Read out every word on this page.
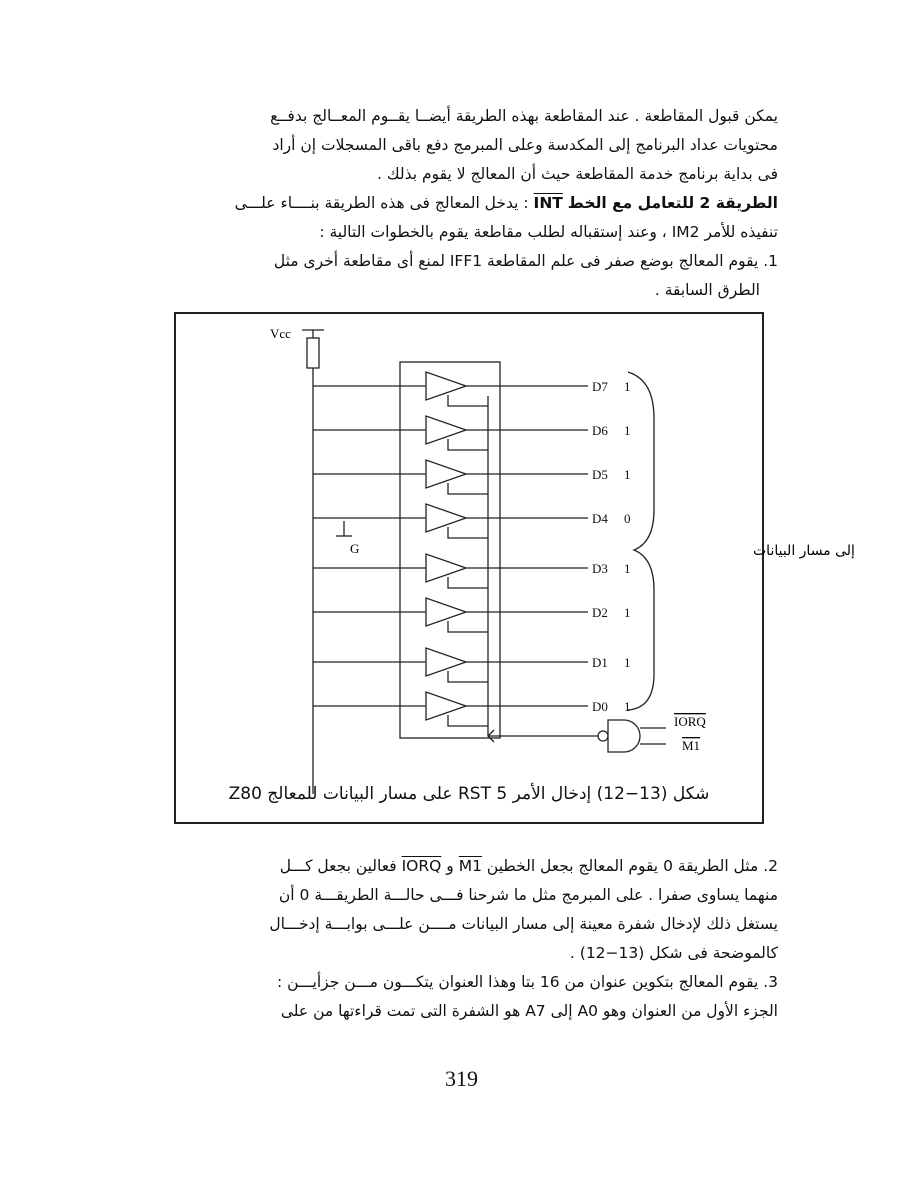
يمكن قبول المقاطعة . عند المقاطعة بهذه الطريقة أيضــا يقــوم المعــالج بدفــع
محتويات عداد البرنامج إلى المكدسة وعلى المبرمج دفع باقى المسجلات إن أراد
فى بداية برنامج خدمة المقاطعة حيث أن المعالج لا يقوم بذلك .
الطريقة 2 للتعامل مع الخط INT : يدخل المعالج فى هذه الطريقة بنــــاء علـــى
تنفيذه للأمر IM2 ، وعند إستقباله لطلب مقاطعة يقوم بالخطوات التالية :
1. يقوم المعالج بوضع صفر فى علم المقاطعة IFF1 لمنع أى مقاطعة أخرى مثل
الطرق السابقة .
D7 1
D6 1
D5 1
D4 0
D3 1
D2 1
D1 1
D0 1
Vcc
G
IORQ
M1
إلى مسار البيانات
شكل (13−12) إدخال الأمر RST 5 على مسار البيانات للمعالج Z80
2. مثل الطريقة 0 يقوم المعالج بجعل الخطين M1 و IORQ فعالين بجعل كـــل
منهما يساوى صفرا . على المبرمج مثل ما شرحنا فـــى حالـــة الطريقـــة 0 أن
يستغل ذلك لإدخال شفرة معينة إلى مسار البيانات مــــن علـــى بوابـــة إدخـــال
كالموضحة فى شكل (13−12) .
3. يقوم المعالج بتكوين عنوان من 16 بتا وهذا العنوان يتكـــون مـــن جزأيـــن :
الجزء الأول من العنوان وهو A0 إلى A7 هو الشفرة التى تمت قراءتها من على
319
